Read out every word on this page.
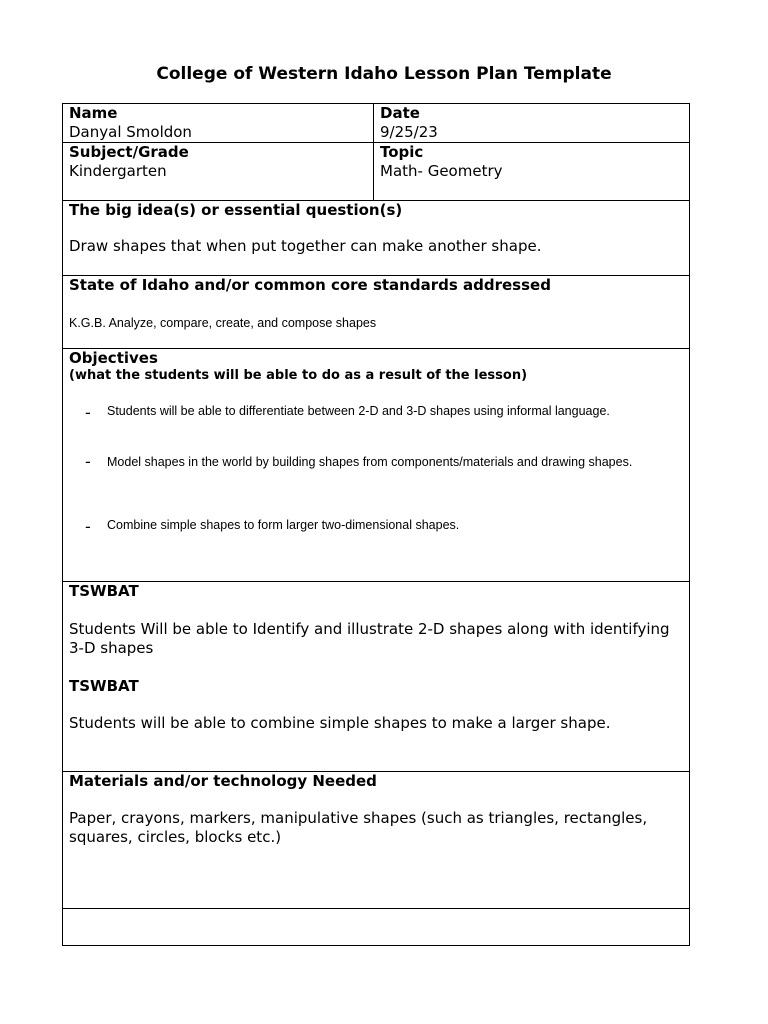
College of Western Idaho Lesson Plan Template
Name
Danyal Smoldon
Date
9/25/23
Subject/Grade
Kindergarten
Topic
Math- Geometry
The big idea(s) or essential question(s)
Draw shapes that when put together can make another shape.
State of Idaho and/or common core standards addressed
K.G.B. Analyze, compare, create, and compose shapes
Objectives
(what the students will be able to do as a result of the lesson)
- Students will be able to differentiate between 2-D and 3-D shapes using informal language.
- Model shapes in the world by building shapes from components/materials and drawing shapes.
- Combine simple shapes to form larger two-dimensional shapes.
TSWBAT
Students Will be able to Identify and illustrate 2-D shapes along with identifying 3-D shapes
TSWBAT
Students will be able to combine simple shapes to make a larger shape.
Materials and/or technology Needed
Paper, crayons, markers, manipulative shapes (such as triangles, rectangles, squares, circles, blocks etc.)
